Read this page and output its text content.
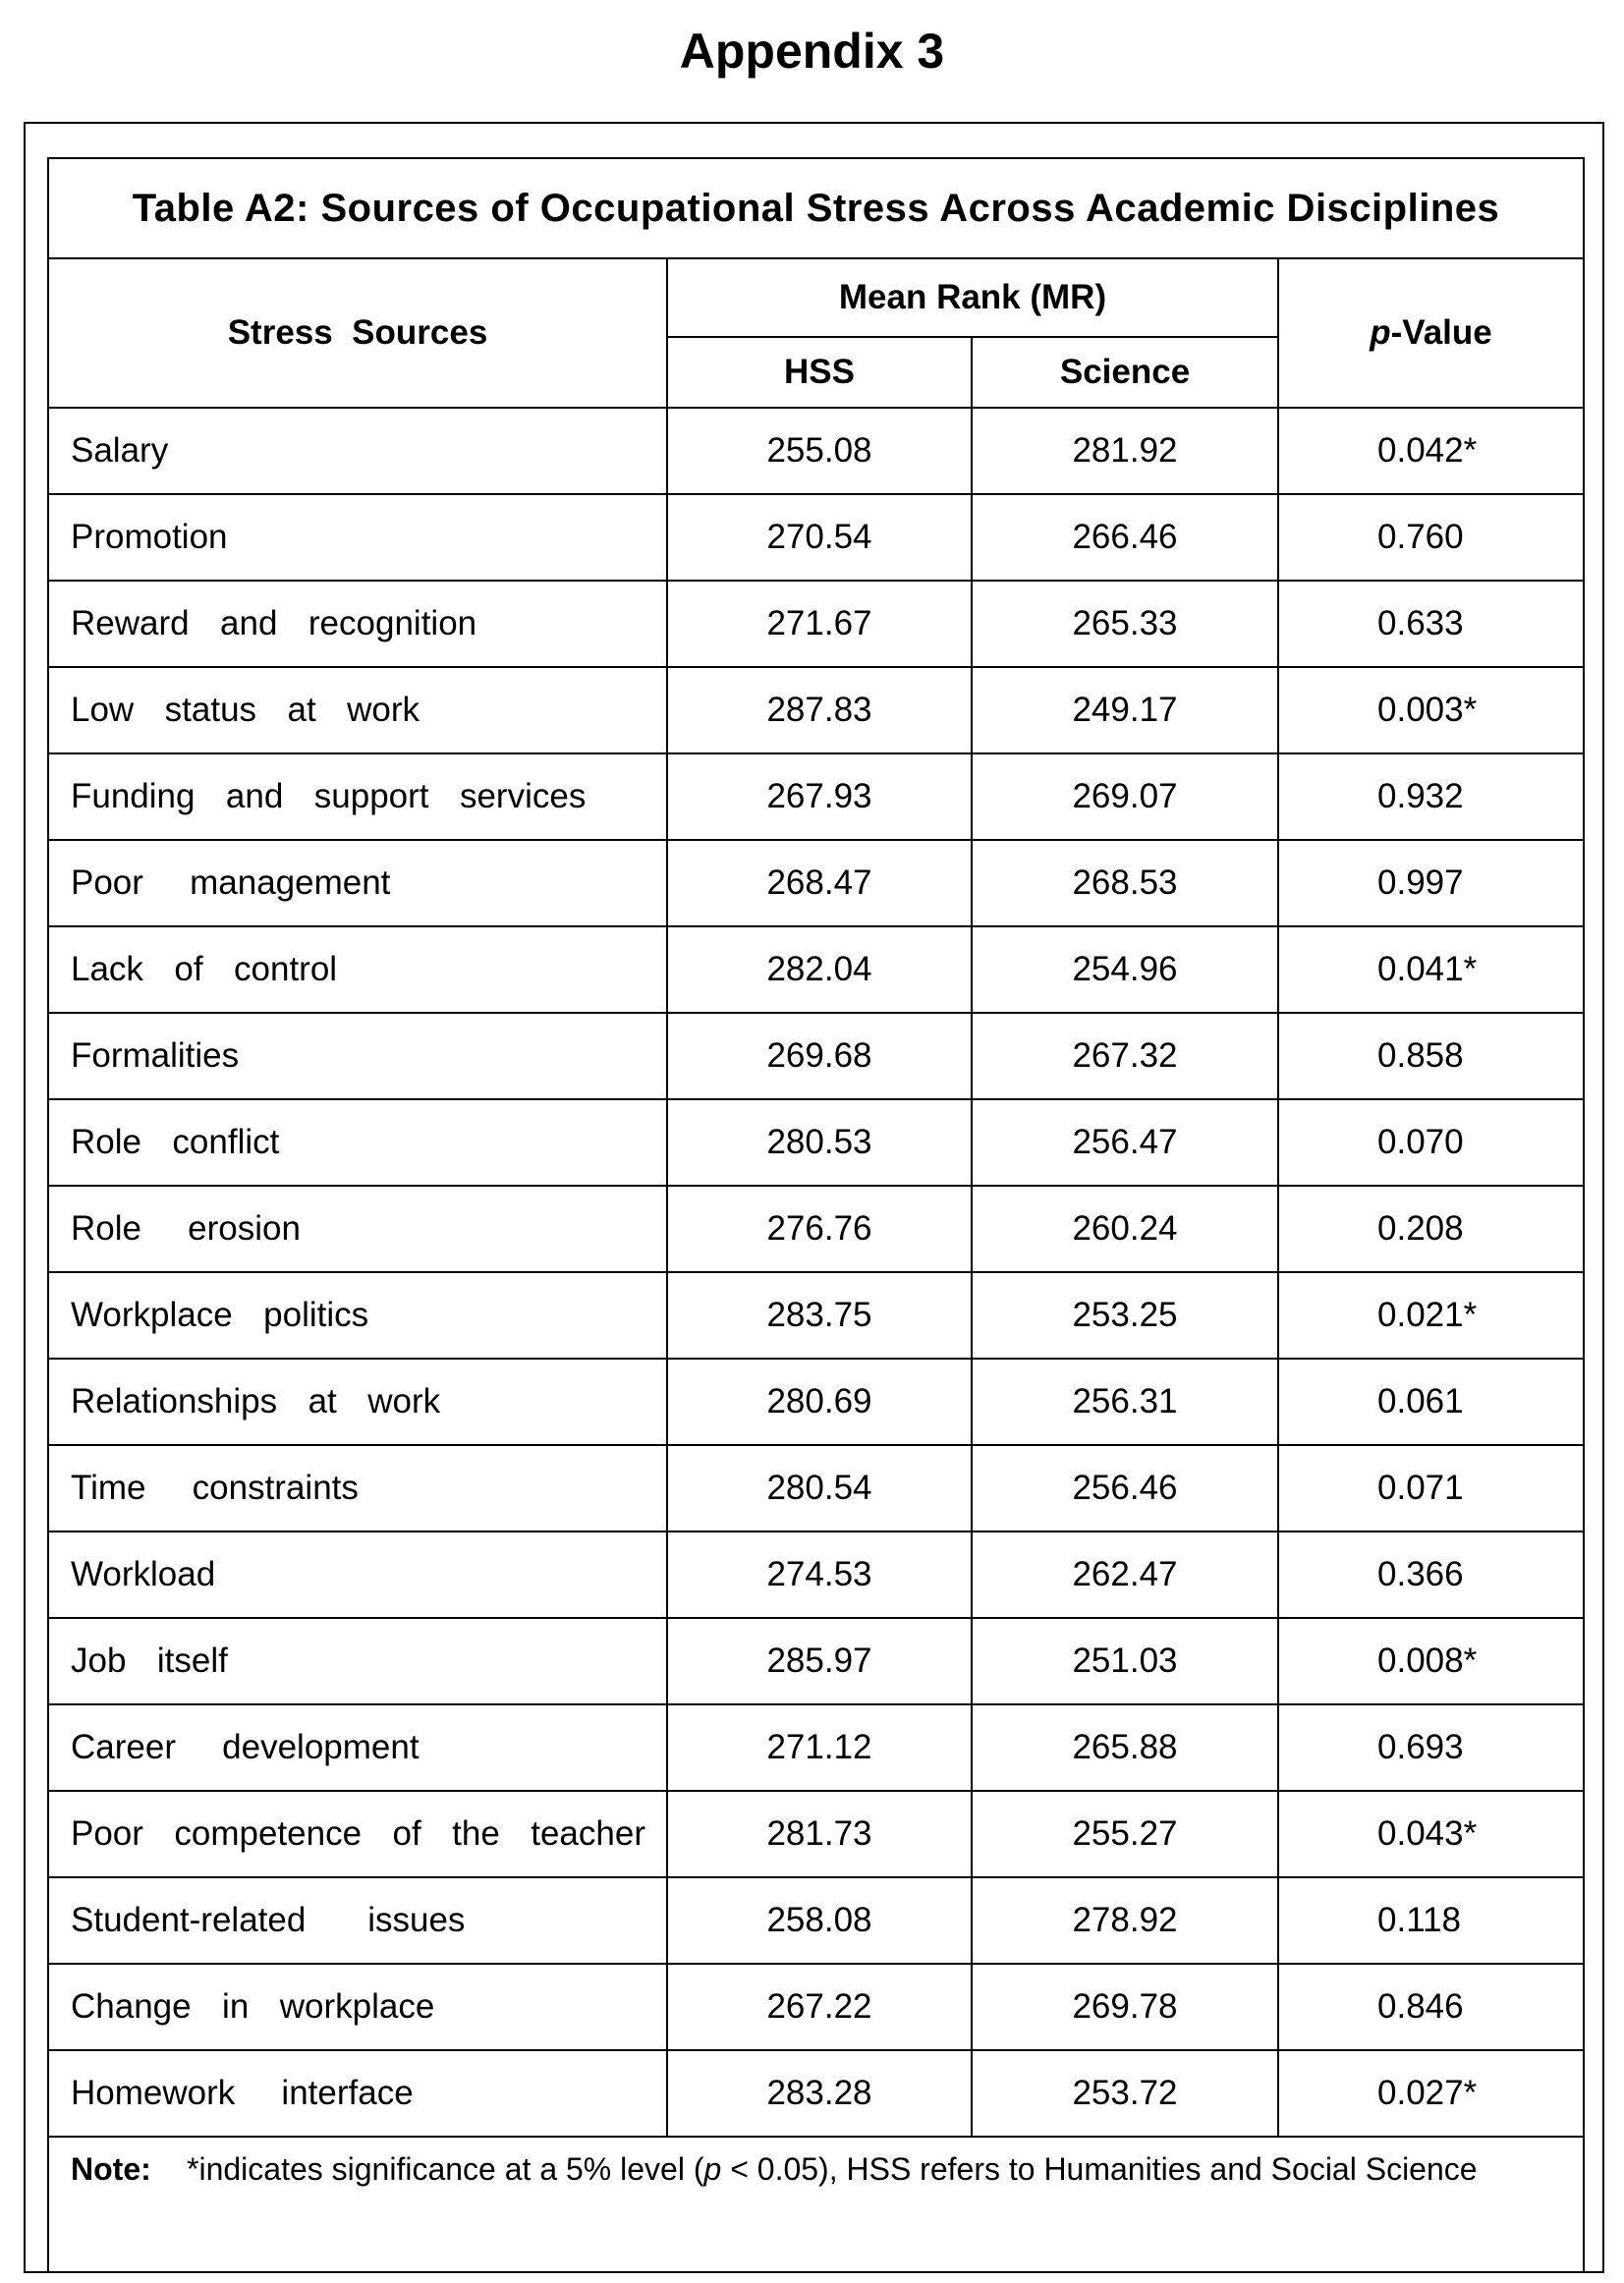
Appendix 3
Table A2: Sources of Occupational Stress Across Academic Disciplines			
Stress  Sources	Mean Rank (MR)		p-Value
	HSS	Science	
Salary	255.08	281.92	0.042*
Promotion	270.54	266.46	0.760
Reward  and  recognition	271.67	265.33	0.633
Low  status  at  work	287.83	249.17	0.003*
Funding  and  support  services	267.93	269.07	0.932
Poor   management	268.47	268.53	0.997
Lack  of  control	282.04	254.96	0.041*
Formalities	269.68	267.32	0.858
Role  conflict	280.53	256.47	0.070
Role   erosion	276.76	260.24	0.208
Workplace  politics	283.75	253.25	0.021*
Relationships  at  work	280.69	256.31	0.061
Time   constraints	280.54	256.46	0.071
Workload	274.53	262.47	0.366
Job  itself	285.97	251.03	0.008*
Career   development	271.12	265.88	0.693
Poor  competence  of  the  teacher	281.73	255.27	0.043*
Student-related    issues	258.08	278.92	0.118
Change  in  workplace	267.22	269.78	0.846
Homework   interface	283.28	253.72	0.027*

Note: *indicates significance at a 5% level (p < 0.05), HSS refers to Humanities and Social Science			
